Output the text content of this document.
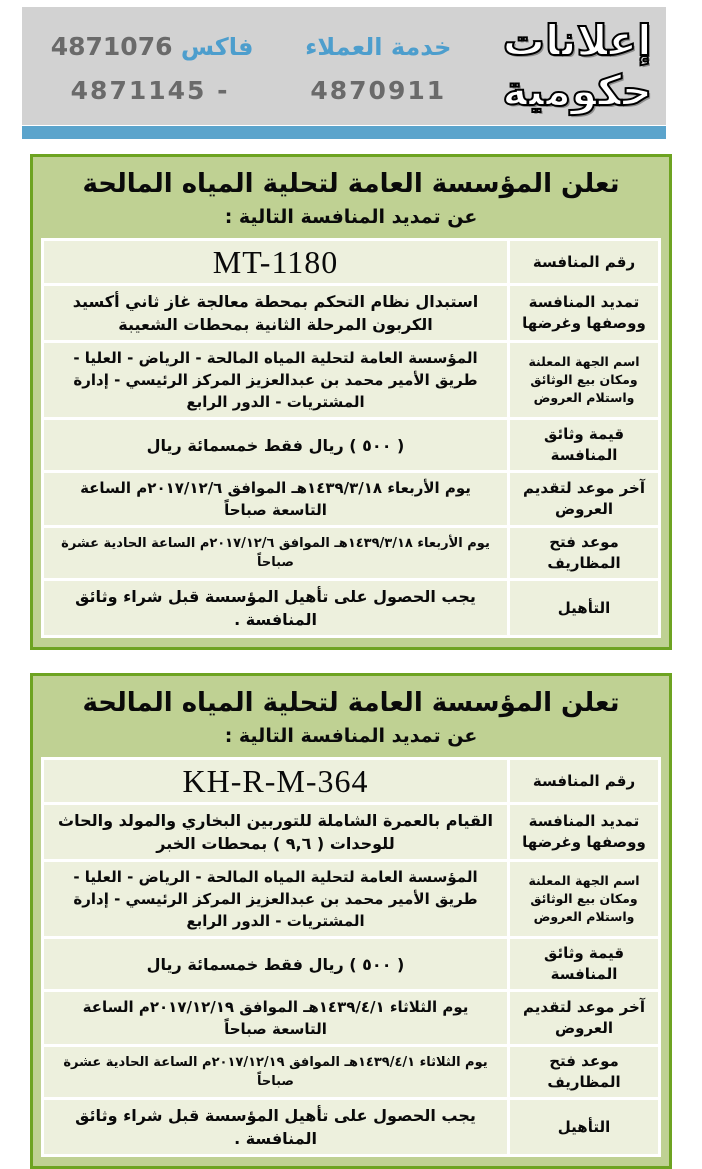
إعلانات
حكومية
خدمة العملاء
4870911
فاكس 4871076
4871145 -
تعلن المؤسسة العامة لتحلية المياه المالحة
عن تمديد المنافسة التالية :
رقم المنافسة
MT-1180
تمديد المنافسة ووصفها وغرضها
استبدال نظام التحكم بمحطة معالجة غاز ثاني أكسيد الكربون المرحلة الثانية بمحطات الشعيبة
اسم الجهة المعلنة ومكان بيع الوثائق واستلام العروض
المؤسسة العامة لتحلية المياه المالحة - الرياض - العليا - طريق الأمير محمد بن عبدالعزيز المركز الرئيسي - إدارة المشتريات - الدور الرابع
قيمة وثائق المنافسة
( ٥٠٠ ) ريال فقط خمسمائة ريال
آخر موعد لتقديم العروض
يوم الأربعاء ١٤٣٩/٣/١٨هـ الموافق ٢٠١٧/١٢/٦م الساعة التاسعة صباحاً
موعد فتح المظاريف
يوم الأربعاء ١٤٣٩/٣/١٨هـ الموافق ٢٠١٧/١٢/٦م الساعة الحادية عشرة صباحاً
التأهيل
يجب الحصول على تأهيل المؤسسة قبل شراء وثائق المنافسة .
تعلن المؤسسة العامة لتحلية المياه المالحة
عن تمديد المنافسة التالية :
رقم المنافسة
KH-R-M-364
تمديد المنافسة ووصفها وغرضها
القيام بالعمرة الشاملة للتوربين البخاري والمولد والحاث للوحدات ( ٩,٦ ) بمحطات الخبر
اسم الجهة المعلنة ومكان بيع الوثائق واستلام العروض
المؤسسة العامة لتحلية المياه المالحة - الرياض - العليا - طريق الأمير محمد بن عبدالعزيز المركز الرئيسي - إدارة المشتريات - الدور الرابع
قيمة وثائق المنافسة
( ٥٠٠ ) ريال فقط خمسمائة ريال
آخر موعد لتقديم العروض
يوم الثلاثاء ١٤٣٩/٤/١هـ الموافق ٢٠١٧/١٢/١٩م الساعة التاسعة صباحاً
موعد فتح المظاريف
يوم الثلاثاء ١٤٣٩/٤/١هـ الموافق ٢٠١٧/١٢/١٩م الساعة الحادية عشرة صباحاً
التأهيل
يجب الحصول على تأهيل المؤسسة قبل شراء وثائق المنافسة .
